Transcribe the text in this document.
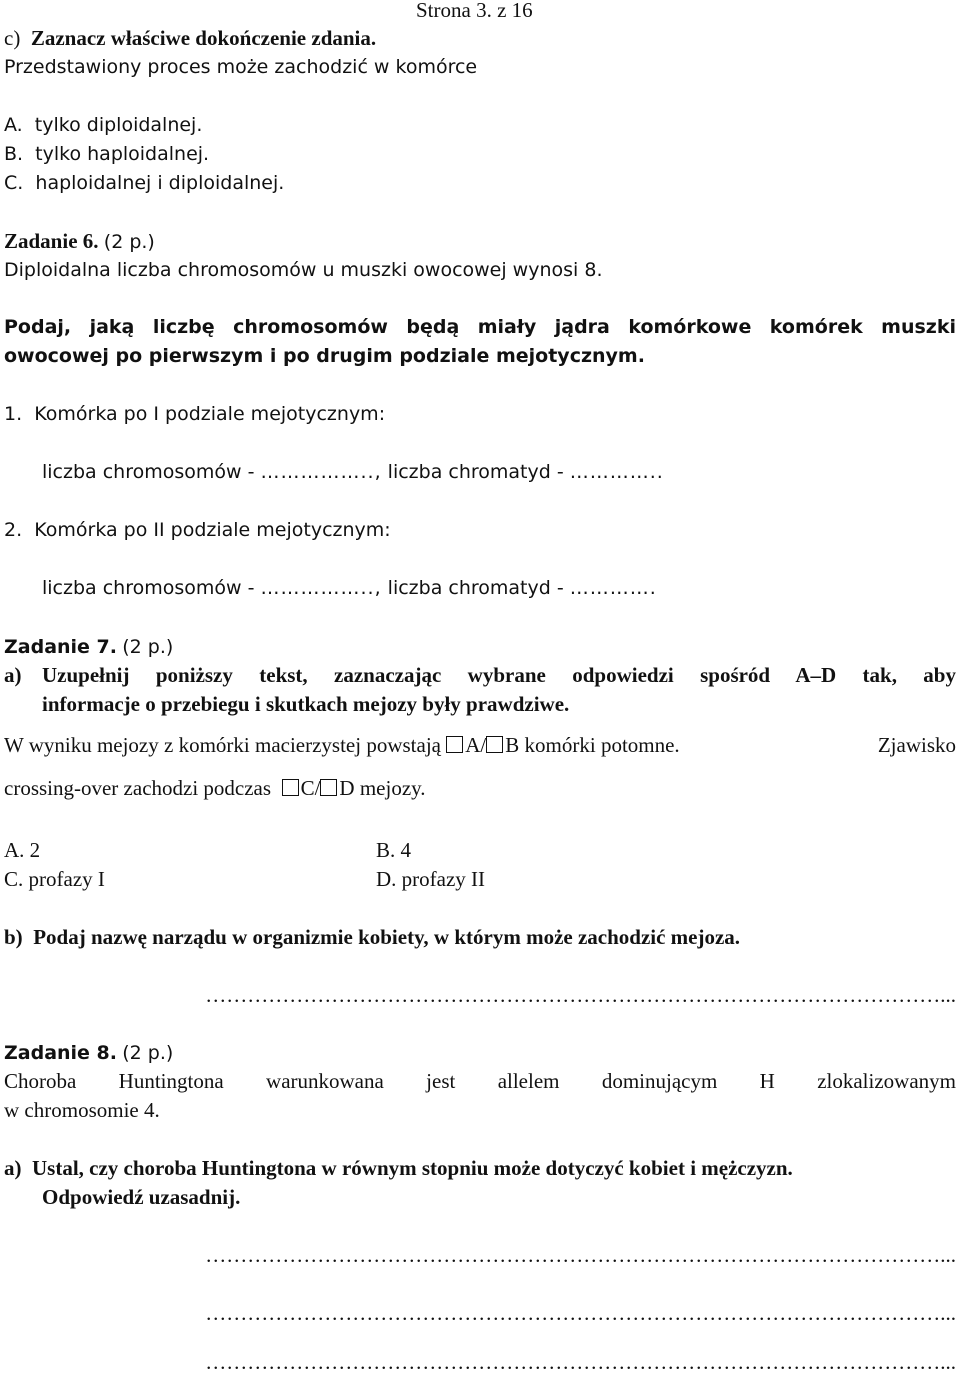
Strona 3. z 16
c) Zaznacz właściwe dokończenie zdania.
Przedstawiony proces może zachodzić w komórce
A. tylko diploidalnej.
B. tylko haploidalnej.
C. haploidalnej i diploidalnej.
Zadanie 6. (2 p.)
Diploidalna liczba chromosomów u muszki owocowej wynosi 8.
Podaj, jaką liczbę chromosomów będą miały jądra komórkowe komórek muszki
owocowej po pierwszym i po drugim podziale mejotycznym.
1. Komórka po I podziale mejotycznym:
liczba chromosomów - …………….., liczba chromatyd - …………..
2. Komórka po II podziale mejotycznym:
liczba chromosomów - …………….., liczba chromatyd - ………….
Zadanie 7. (2 p.)
a) Uzupełnij poniższy tekst, zaznaczając wybrane odpowiedzi spośród A–D tak, aby
informacje o przebiegu i skutkach mejozy były prawdziwe.
W wyniku mejozy z komórki macierzystej powstają A/ B komórki potomne.	Zjawisko
crossing-over zachodzi podczas C/ D mejozy.
A. 2	B. 4
C. profazy I	D. profazy II
b) Podaj nazwę narządu w organizmie kobiety, w którym może zachodzić mejoza.
……………………………………………………………………………………………...
Zadanie 8. (2 p.)
Choroba Huntingtona warunkowana jest allelem dominującym H zlokalizowanym
w chromosomie 4.
a) Ustal, czy choroba Huntingtona w równym stopniu może dotyczyć kobiet i mężczyzn.
Odpowiedź uzasadnij.
……………………………………………………………………………………………...
……………………………………………………………………………………………...
……………………………………………………………………………………………...
